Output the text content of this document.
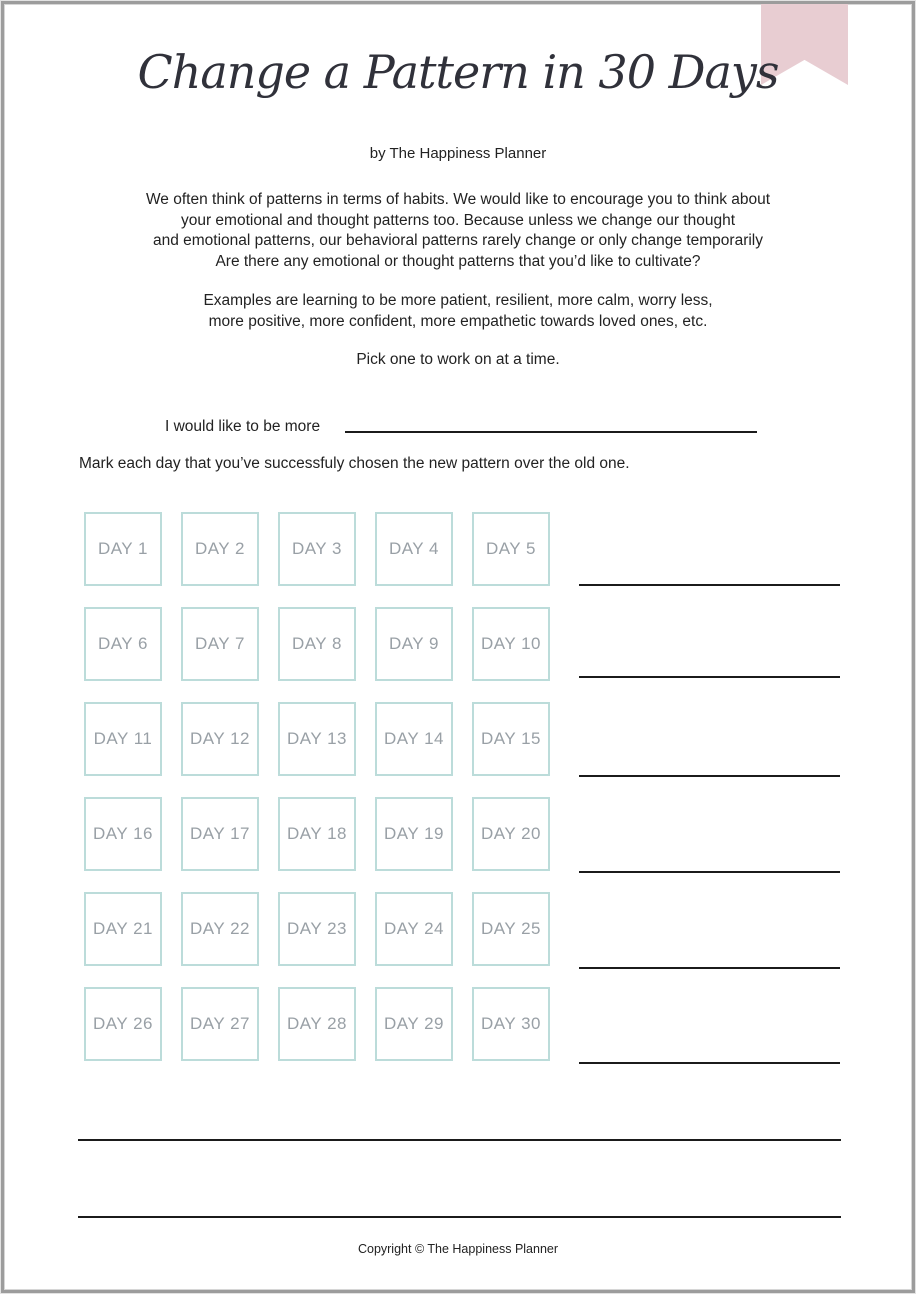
Change a Pattern in 30 Days
by The Happiness Planner
We often think of patterns in terms of habits. We would like to encourage you to think about
your emotional and thought patterns too. Because unless we change our thought
and emotional patterns, our behavioral patterns rarely change or only change temporarily
Are there any emotional or thought patterns that you’d like to cultivate?
Examples are learning to be more patient, resilient, more calm, worry less,
more positive, more confident, more empathetic towards loved ones, etc.
Pick one to work on at a time.
I would like to be more
Mark each day that you’ve successfuly chosen the new pattern over the old one.
DAY 1	DAY 2	DAY 3	DAY 4	DAY 5
DAY 6	DAY 7	DAY 8	DAY 9 DAY 10
DAY 11 DAY 12 DAY 13 DAY 14 DAY 15
DAY 16 DAY 17 DAY 18 DAY 19 DAY 20
DAY 21 DAY 22 DAY 23 DAY 24 DAY 25
DAY 26 DAY 27 DAY 28 DAY 29 DAY 30
Copyright © The Happiness Planner
